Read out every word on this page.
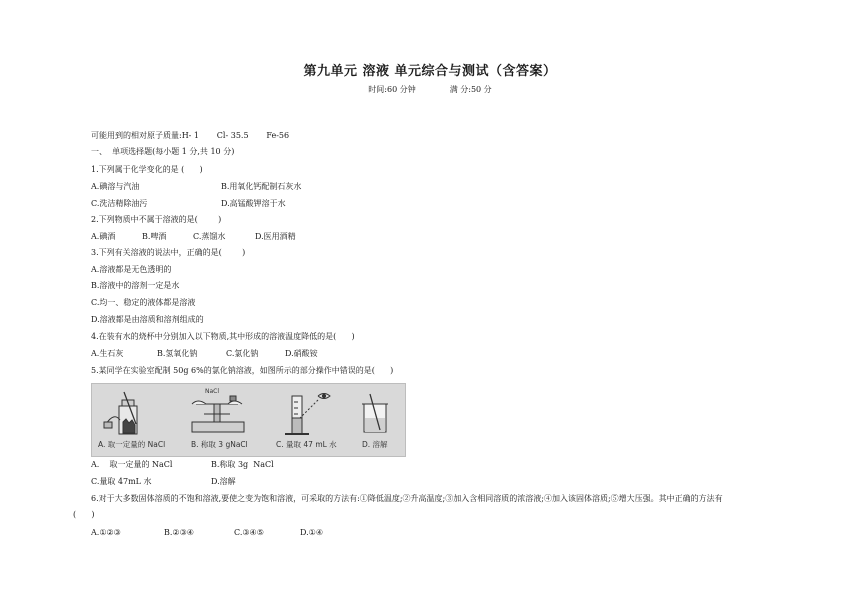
第九单元 溶液 单元综合与测试（含答案）
时间:60 分钟	满 分:50 分
可能用到的相对原子质量:H- 1       Cl- 35.5       Fe-56
一、  单项选择题(每小题 1 分,共 10 分)
1.下列属于化学变化的是 (      )
A.碘溶与汽油	B.用氧化钙配制石灰水
C.洗洁精除油污	D.高锰酸钾溶于水
2.下列物质中不属于溶液的是(        )
A.碘酒	B.啤酒	C.蒸馏水	D.医用酒精
3.下列有关溶液的说法中，正确的是(        )
A.溶液都是无色透明的
B.溶液中的溶剂一定是水
C.均一、稳定的液体都是溶液
D.溶液都是由溶质和溶剂组成的
4.在装有水的烧杯中分别加入以下物质,其中形成的溶液温度降低的是(      )
A.生石灰	B.氢氧化钠	C.氯化钠	D.硝酸铵
5.某同学在实验室配制 50g 6%的氯化钠溶液，如图所示的部分操作中错误的是(      )
NaCl
A. 取一定量的 NaCl	B. 称取 3 gNaCl	C. 量取 47 mL 水	D. 溶解
A.    取一定量的 NaCl	B.称取 3g  NaCl
C.量取 47mL 水	D.溶解
6.对于大多数固体溶质的不饱和溶液,要使之变为饱和溶液，可采取的方法有:①降低温度;②升高温度;③加入含相同溶质的浓溶液;④加入该固体溶质;⑤增大压强。其中正确的方法有
(      )
A.①②③	B.②③④	C.③④⑤	D.①④
